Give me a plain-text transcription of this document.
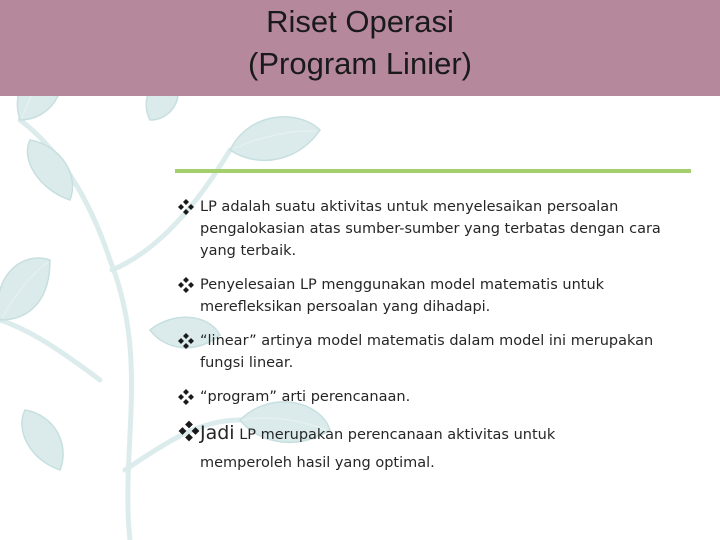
Riset Operasi
(Program Linier)
LP adalah suatu aktivitas untuk menyelesaikan persoalan pengalokasian atas sumber-sumber yang terbatas dengan cara yang terbaik.
Penyelesaian LP menggunakan model matematis untuk merefleksikan persoalan yang dihadapi.
“linear” artinya model matematis dalam model ini merupakan fungsi linear.
“program” arti perencanaan.
Jadi LP merupakan perencanaan aktivitas untuk
memperoleh hasil yang optimal.
